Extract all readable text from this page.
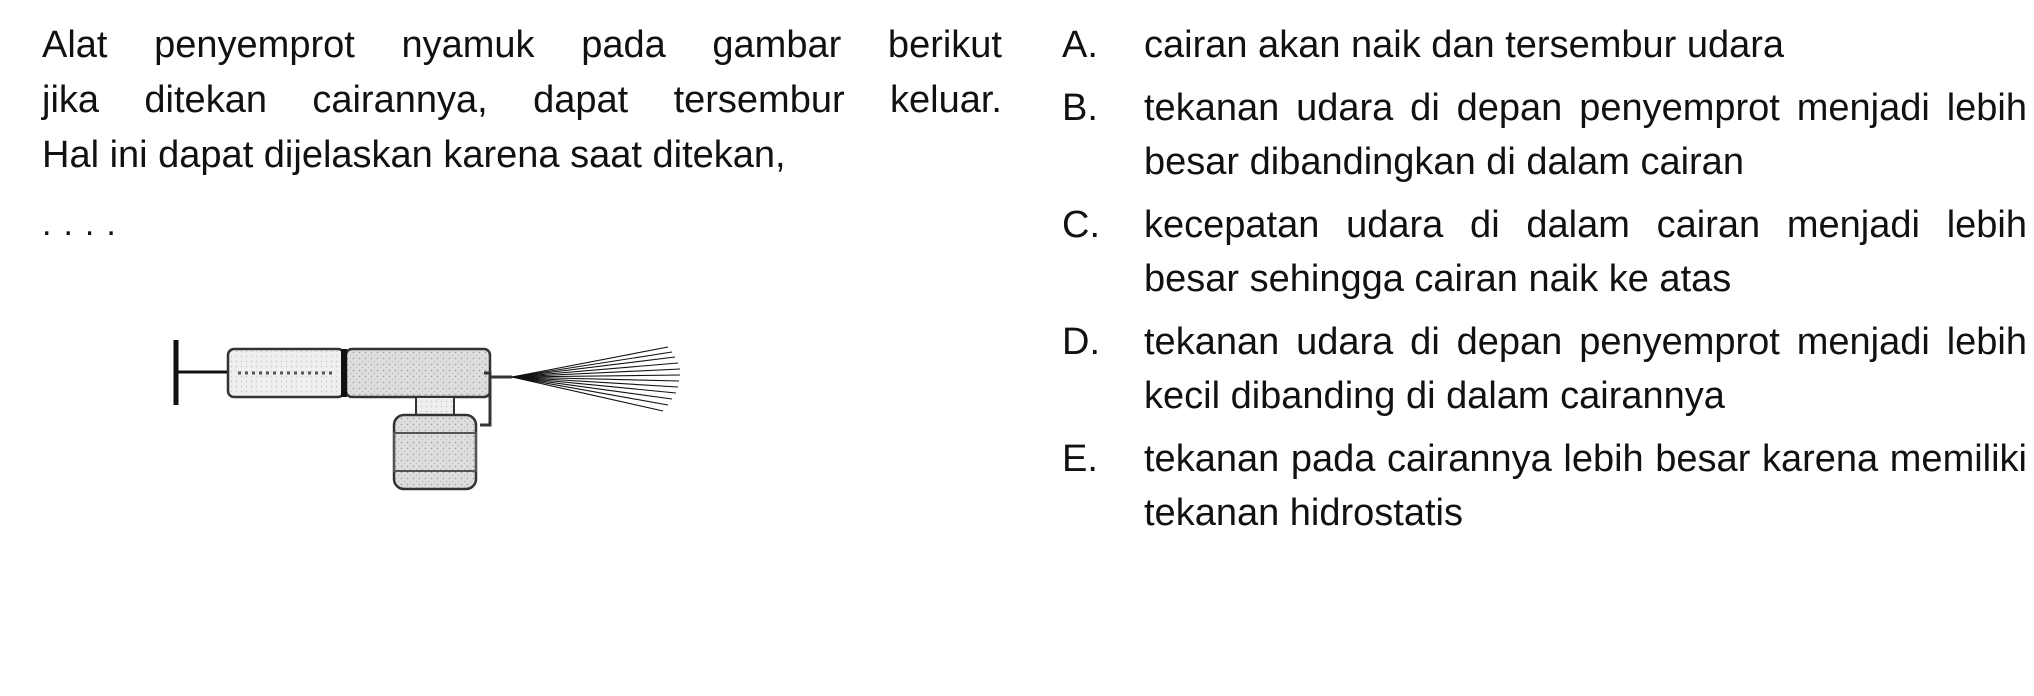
Alat penyemprot nyamuk pada gambar berikut
jika ditekan cairannya, dapat tersembur keluar.

Hal ini dapat dijelaskan karena saat ditekan,
....
A.	cairan akan naik dan tersembur udara
B.	tekanan udara di depan penyemprot menjadi lebih besar dibandingkan di dalam cairan
C.	kecepatan udara di dalam cairan menjadi lebih besar sehingga cairan naik ke atas
D.	tekanan udara di depan penyemprot menjadi lebih kecil dibanding di dalam cairannya
E.	tekanan pada cairannya lebih besar karena memiliki tekanan hidrostatis
